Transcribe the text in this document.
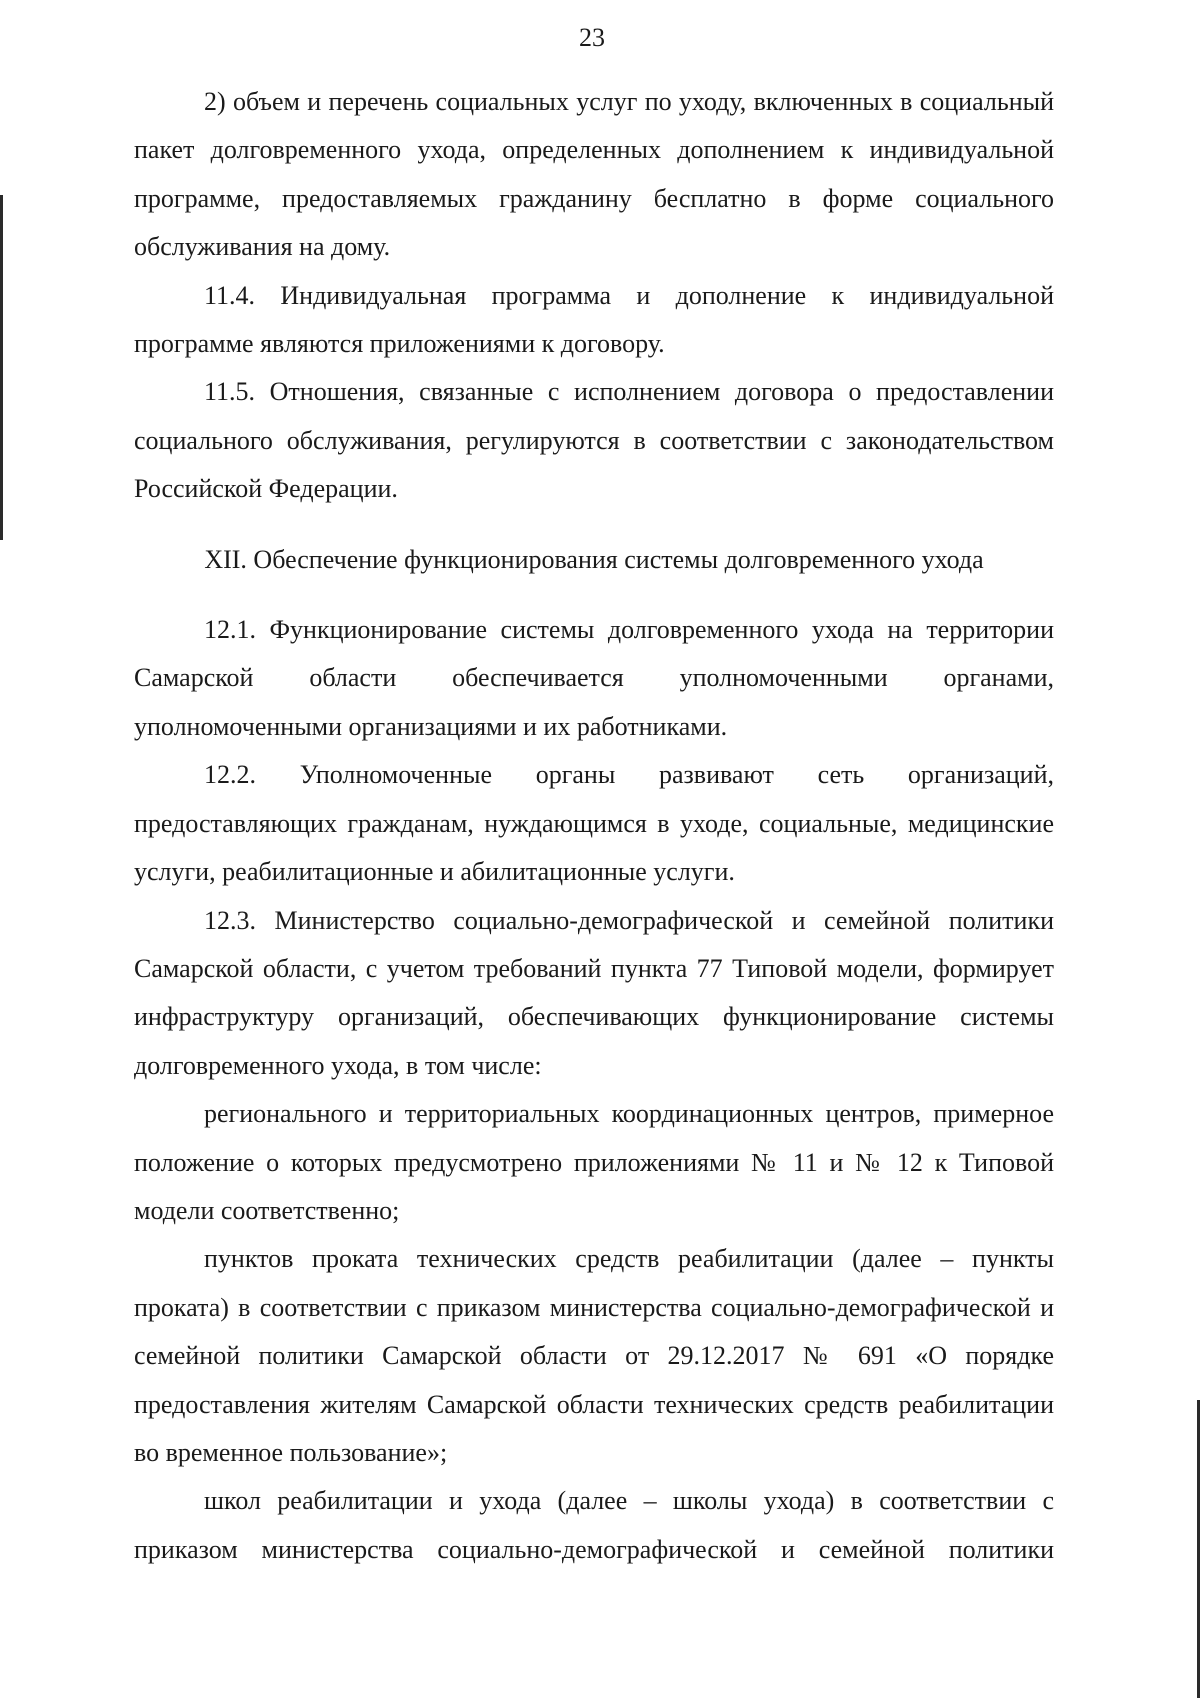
23

2) объем и перечень социальных услуг по уходу, включенных в социальный пакет долговременного ухода, определенных дополнением к индивидуальной программе, предоставляемых гражданину бесплатно в форме социального обслуживания на дому.

11.4. Индивидуальная программа и дополнение к индивидуальной программе являются приложениями к договору.

11.5. Отношения, связанные с исполнением договора о предоставлении социального обслуживания, регулируются в соответствии с законодательством Российской Федерации.

XII. Обеспечение функционирования системы долговременного ухода

12.1. Функционирование системы долговременного ухода на территории Самарской области обеспечивается уполномоченными органами, уполномоченными организациями и их работниками.

12.2. Уполномоченные органы развивают сеть организаций, предоставляющих гражданам, нуждающимся в уходе, социальные, медицинские услуги, реабилитационные и абилитационные услуги.

12.3. Министерство социально-демографической и семейной политики Самарской области, с учетом требований пункта 77 Типовой модели, формирует инфраструктуру организаций, обеспечивающих функционирование системы долговременного ухода, в том числе:

регионального и территориальных координационных центров, примерное положение о которых предусмотрено приложениями № 11 и № 12 к Типовой модели соответственно;

пунктов проката технических средств реабилитации (далее – пункты проката) в соответствии с приказом министерства социально-демографической и семейной политики Самарской области от 29.12.2017 № 691 «О порядке предоставления жителям Самарской области технических средств реабилитации во временное пользование»;

школ реабилитации и ухода (далее – школы ухода) в соответствии с приказом министерства социально-демографической и семейной политики
